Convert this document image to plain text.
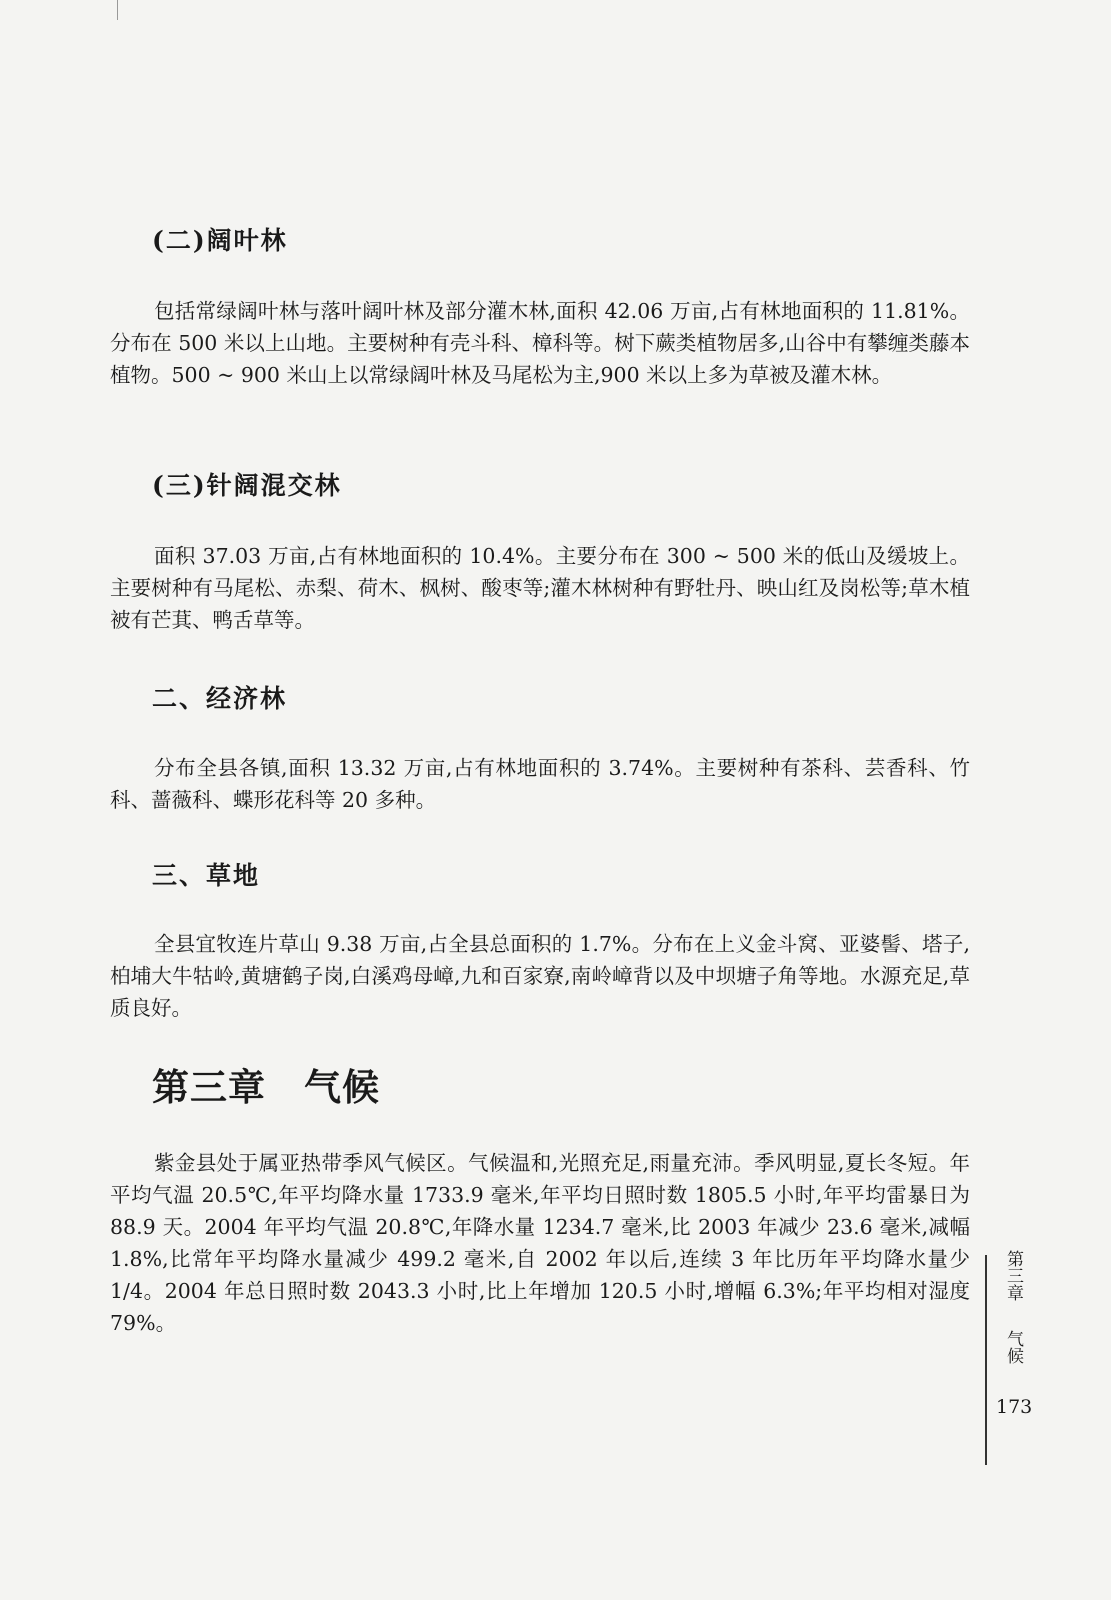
(二)阔叶林

包括常绿阔叶林与落叶阔叶林及部分灌木林,面积 42.06 万亩,占有林地面积的 11.81%。分布在 500 米以上山地。主要树种有壳斗科、樟科等。树下蕨类植物居多,山谷中有攀缠类藤本植物。500 ~ 900 米山上以常绿阔叶林及马尾松为主,900 米以上多为草被及灌木林。

(三)针阔混交林

面积 37.03 万亩,占有林地面积的 10.4%。主要分布在 300 ~ 500 米的低山及缓坡上。主要树种有马尾松、赤梨、荷木、枫树、酸枣等;灌木林树种有野牡丹、映山红及岗松等;草木植被有芒萁、鸭舌草等。

二、经济林

分布全县各镇,面积 13.32 万亩,占有林地面积的 3.74%。主要树种有茶科、芸香科、竹科、蔷薇科、蝶形花科等 20 多种。

三、草地

全县宜牧连片草山 9.38 万亩,占全县总面积的 1.7%。分布在上义金斗窝、亚婆髻、塔子,柏埔大牛牯岭,黄塘鹤子岗,白溪鸡母嶂,九和百家寮,南岭嶂背以及中坝塘子角等地。水源充足,草质良好。

第三章　气候

紫金县处于属亚热带季风气候区。气候温和,光照充足,雨量充沛。季风明显,夏长冬短。年平均气温 20.5℃,年平均降水量 1733.9 毫米,年平均日照时数 1805.5 小时,年平均雷暴日为 88.9 天。2004 年平均气温 20.8℃,年降水量 1234.7 毫米,比 2003 年减少 23.6 毫米,减幅 1.8%,比常年平均降水量减少 499.2 毫米,自 2002 年以后,连续 3 年比历年平均降水量少 1/4。2004 年总日照时数 2043.3 小时,比上年增加 120.5 小时,增幅 6.3%;年平均相对湿度 79%。

第三章
气候
173
